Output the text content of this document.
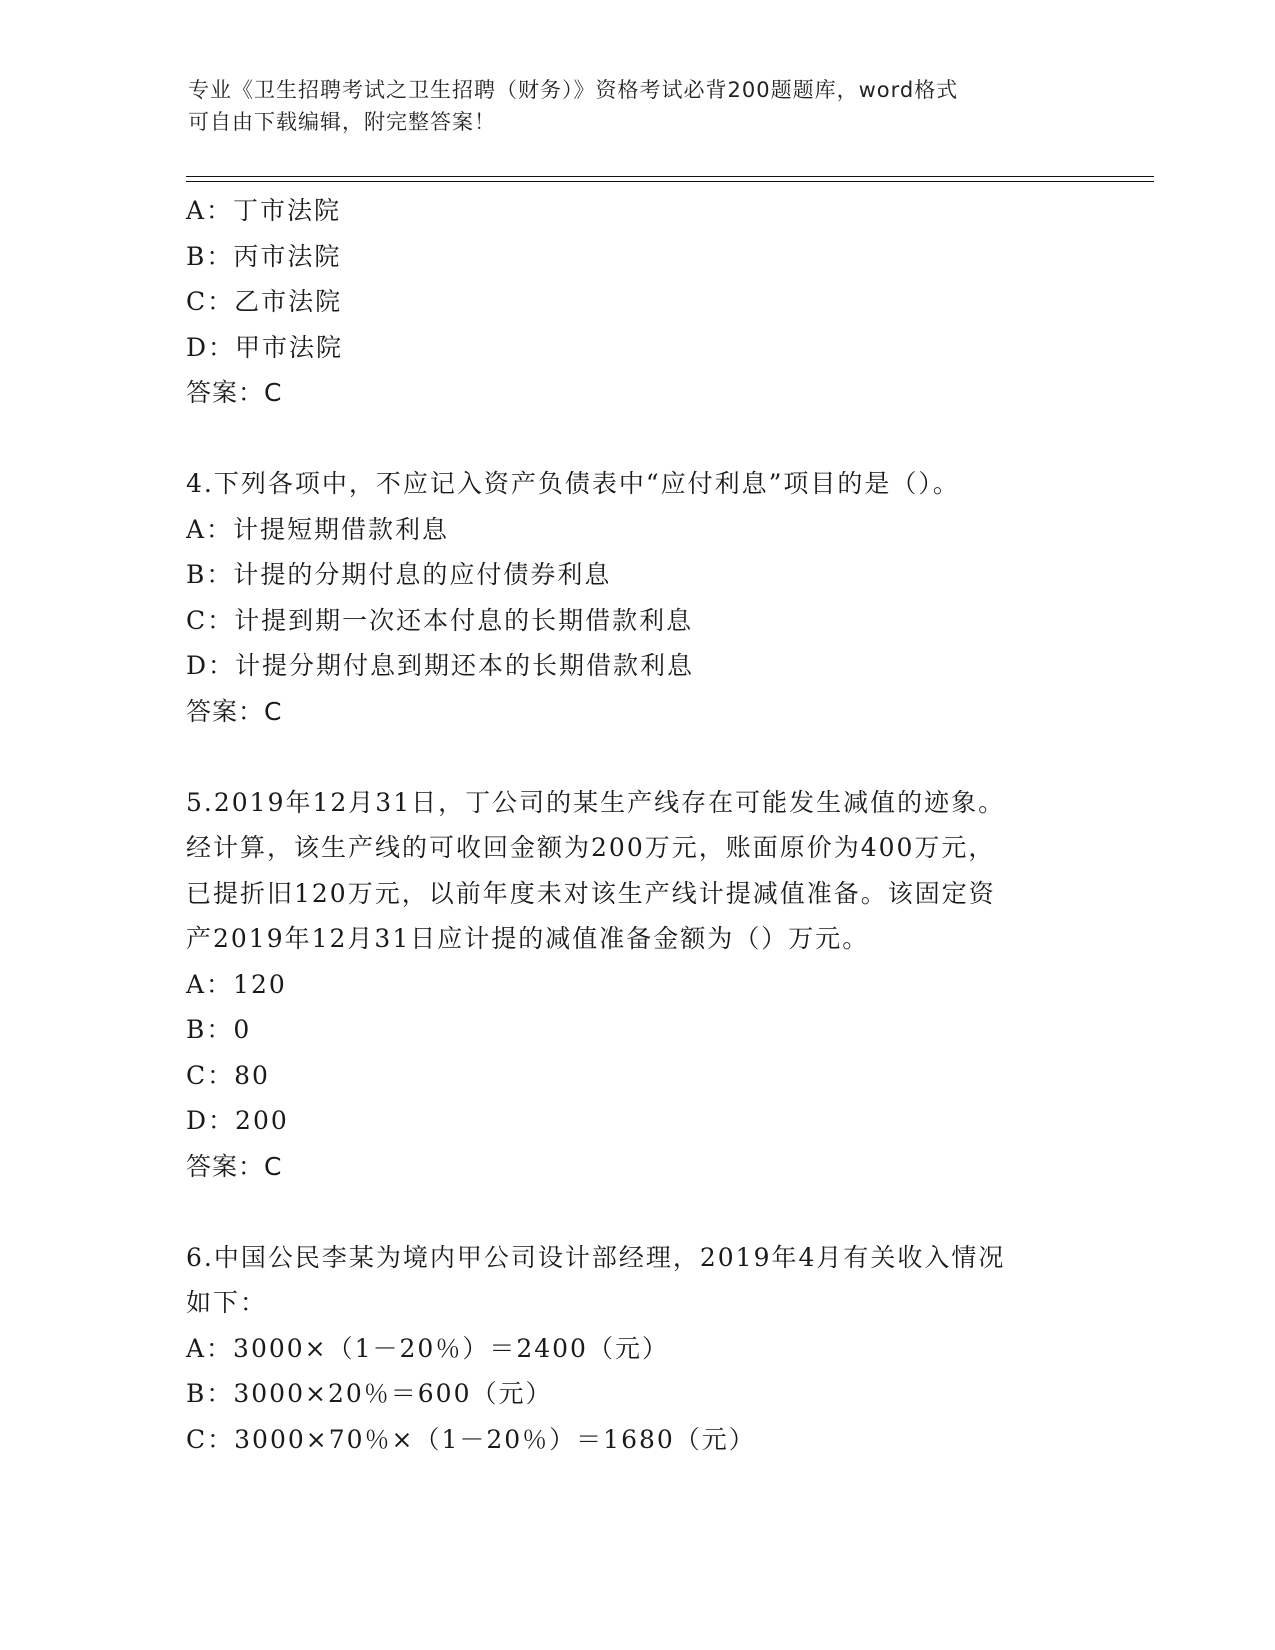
专业《卫生招聘考试之卫生招聘（财务）》资格考试必背200题题库，word格式
可自由下载编辑，附完整答案！
A：丁市法院
B：丙市法院
C：乙市法院
D：甲市法院
答案：C
4.下列各项中，不应记入资产负债表中“应付利息”项目的是（）。
A：计提短期借款利息
B：计提的分期付息的应付债券利息
C：计提到期一次还本付息的长期借款利息
D：计提分期付息到期还本的长期借款利息
答案：C
5.2019年12月31日，丁公司的某生产线存在可能发生减值的迹象。
经计算，该生产线的可收回金额为200万元，账面原价为400万元，
已提折旧120万元，以前年度未对该生产线计提减值准备。该固定资
产2019年12月31日应计提的减值准备金额为（）万元。
A：120
B：0
C：80
D：200
答案：C
6.中国公民李某为境内甲公司设计部经理，2019年4月有关收入情况
如下：
A：3000×（1－20％）＝2400（元）
B：3000×20％＝600（元）
C：3000×70％×（1－20％）＝1680（元）
